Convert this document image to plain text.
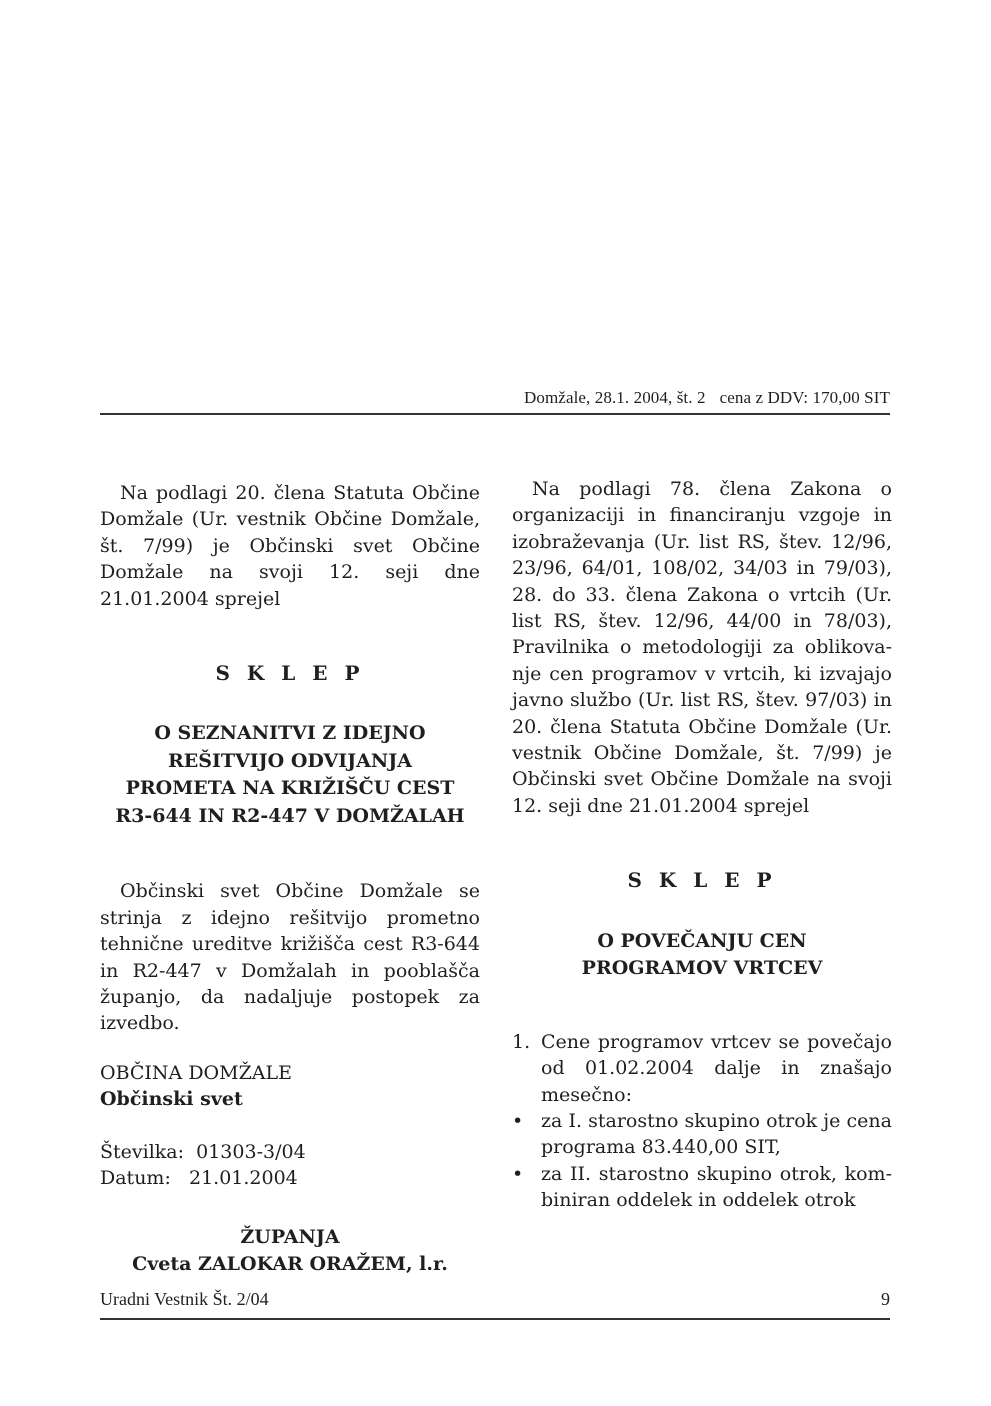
Domžale, 28.1. 2004, št. 2 cena z DDV: 170,00 SIT

Na podlagi 20. člena Statuta Občine Domžale (Ur. vestnik Občine Domžale, št. 7/99) je Občinski svet Občine Domžale na svoji 12. seji dne 21.01.2004 sprejel

S K L E P

O SEZNANITVI Z IDEJNO
REŠITVIJO ODVIJANJA
PROMETA NA KRIŽIŠČU CEST
R3-644 IN R2-447 V DOMŽALAH

Občinski svet Občine Domžale se strinja z idejno rešitvijo prometno tehnične ureditve križišča cest R3-644 in R2-447 v Domžalah in pooblašča županjo, da nadaljuje postopek za izvedbo.

OBČINA DOMŽALE

Občinski svet

Številka: 01303-3/04

Datum: 21.01.2004

ŽUPANJA
Cveta ZALOKAR ORAŽEM, l.r.

Na podlagi 78. člena Zakona o organizaciji in financiranju vzgoje in izobraževanja (Ur. list RS, štev. 12/96, 23/96, 64/01, 108/02, 34/03 in 79/03), 28. do 33. člena Zakona o vrtcih (Ur. list RS, štev. 12/96, 44/00 in 78/03), Pravilnika o metodologiji za oblikovanje cen programov v vrtcih, ki izvajajo javno službo (Ur. list RS, štev. 97/03) in 20. člena Statuta Občine Domžale (Ur. vestnik Občine Domžale, št. 7/99) je Občinski svet Občine Domžale na svoji 12. seji dne 21.01.2004 sprejel

S K L E P

O POVEČANJU CEN
PROGRAMOV VRTCEV
1. Cene programov vrtcev se povečajo od 01.02.2004 dalje in znašajo mesečno:
• za I. starostno skupino otrok je cena programa 83.440,00 SIT,
• za II. starostno skupino otrok, kombiniran oddelek in oddelek otrok
Uradni Vestnik Št. 2/04	9
